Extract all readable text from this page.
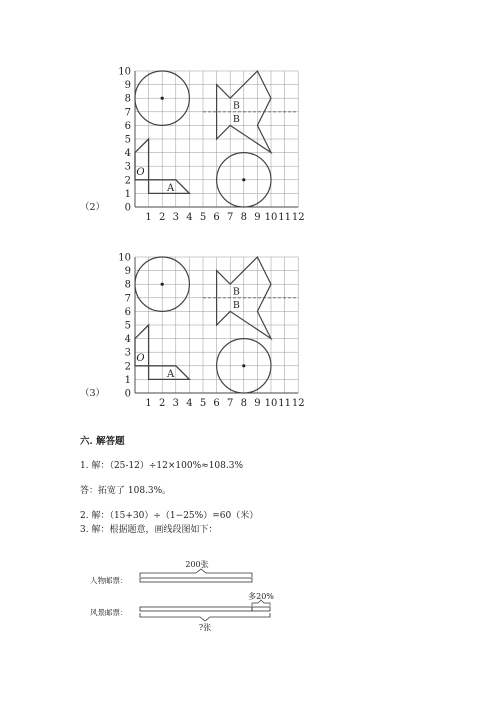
0
1
2
3
4
5
6
7
8
9
10
1 2 3 4 5 6 7 8 9 10 11 12
A
O
B
B
（2）
0
1
2
3
4
5
6
7
8
9
10
1 2 3 4 5 6 7 8 9 10 11 12
A
O
B
B
（3）
六. 解答题
1. 解：（25-12）÷12×100%≈108.3%
答：拓宽了 108.3%。
2. 解：（15+30）÷（1−25%）=60（米）
3. 解：根据题意，画线段图如下：
200张
人物邮票：
风景邮票：
多20%
?张
